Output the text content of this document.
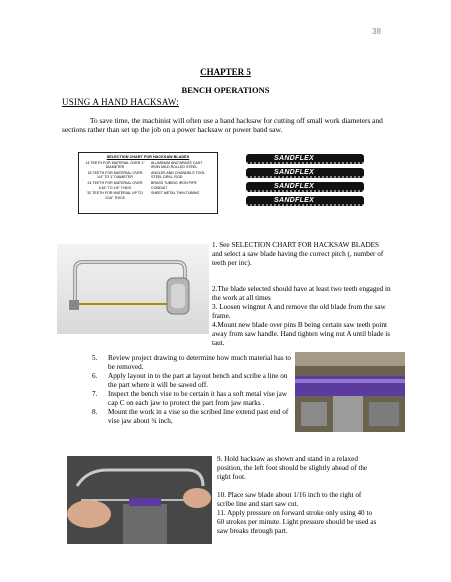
38
CHAPTER 5
BENCH OPERATIONS
USING A HAND HACKSAW:
To save time, the machinist will often use a hand hacksaw for cutting off small work diameters and sections rather than set up the job on a power hacksaw or power band saw.
SELECTION CHART FOR HACKSAW BLADES
14 TEETH FOR MATERIAL OVER 1" DIAMETER
ALUMINUM AND BRASS CAST IRON MILD ROLLED STEEL
18 TEETH FOR MATERIAL OVER 1/4" TO 1" DIAMETER
ANGLES AND CHANNELS TOOL STEEL DRILL ROD
24 TEETH FOR MATERIAL OVER 1/16" TO 1/4" THICK
BRASS TUBING IRON PIPE CONDUIT
32 TEETH FOR MATERIAL UP TO 1/16" THICK
SHEET METAL THIN TUBING
SANDFLEX
SANDFLEX
SANDFLEX
SANDFLEX
1. See SELECTION CHART FOR HACKSAW BLADES and select a saw blade having the correct pitch (, number of teeth per inc).
2.The blade selected should have at least two teeth engaged in the work at all times
3. Loosen wingnut A and remove the old blade from the saw frame.
4.Mount new blade over pins B being certain saw teeth point away from saw handle. Hand tighten wing nut A until blade is taut.
5. Review project drawing to determine how much material has to be removed.
6. Apply layout in to the part at layout bench and scribe a line on the part where it will be sawed off.
7. Inspect the bench vise to be certain it has a soft metal vise jaw cap C on each jaw to protect the part from jaw marks .
8. Mount the work in a vise so the scribed line extend past end of vise jaw about ¾ inch,
9. Hold hacksaw as shown and stand in a relaxed position, the left foot should be slightly ahead of the right foot.
10. Place saw blade about 1/16 inch to the right of scribe line and start saw cut.
11. Apply pressure on forward stroke only using 40 to 60 strokes per minute. Light pressure should be used as saw breaks through part.
